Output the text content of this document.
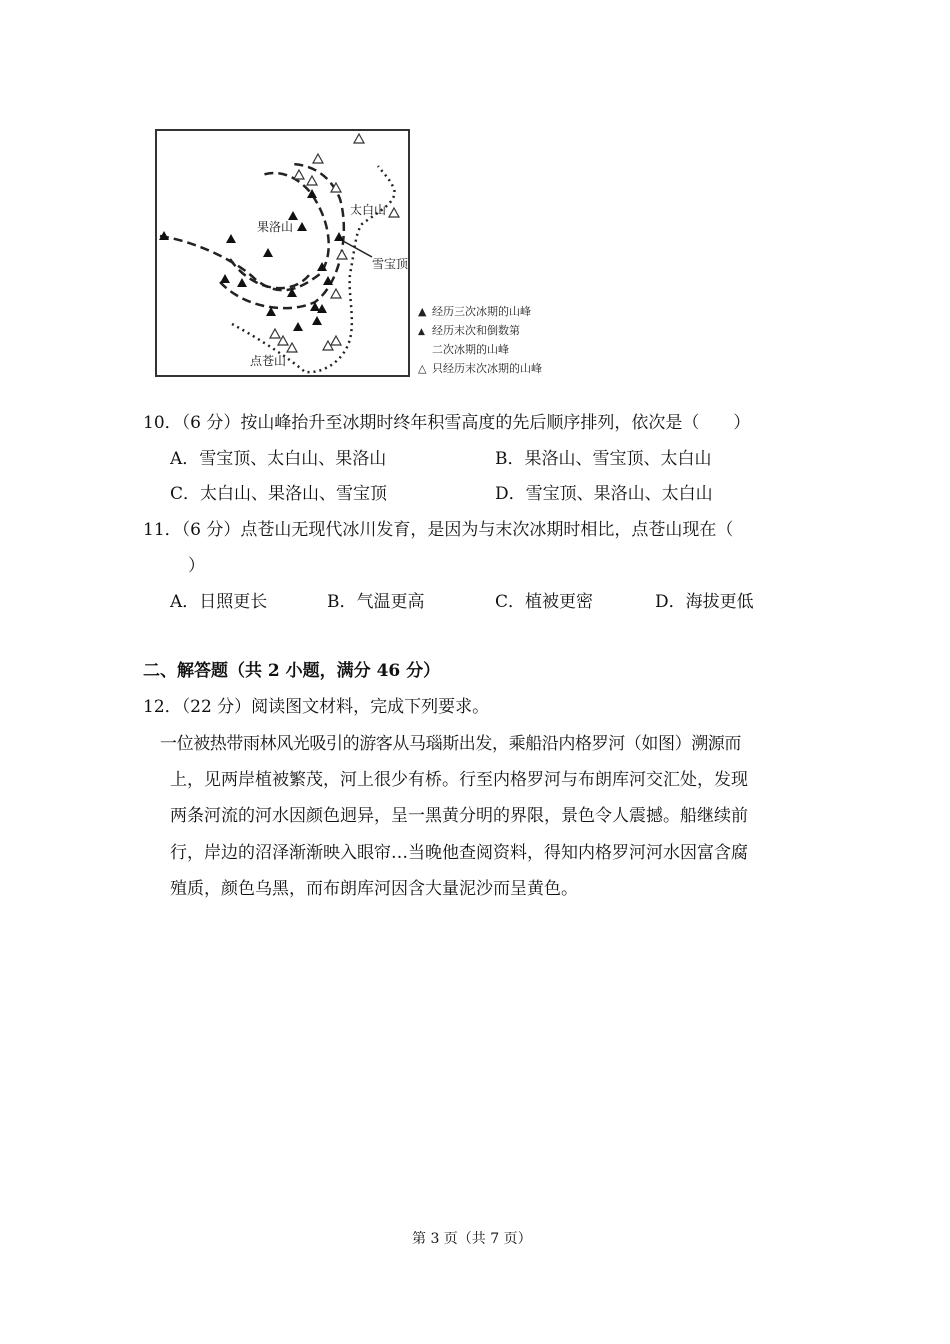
果洛山
太白山
雪宝顶
点苍山
▲ 经历三次冰期的山峰
▲ 经历末次和倒数第
二次冰期的山峰
△ 只经历末次冰期的山峰
10．（6 分）按山峰抬升至冰期时终年积雪高度的先后顺序排列，依次是（　　）
A．雪宝顶、太白山、果洛山	B．果洛山、雪宝顶、太白山
C．太白山、果洛山、雪宝顶	D．雪宝顶、果洛山、太白山
11．（6 分）点苍山无现代冰川发育，是因为与末次冰期时相比，点苍山现在（
）
A．日照更长	B．气温更高	C．植被更密	D．海拔更低
二、解答题（共 2 小题，满分 46 分）
12．（22 分）阅读图文材料，完成下列要求。
一位被热带雨林风光吸引的游客从马瑙斯出发，乘船沿内格罗河（如图）溯源而
上，见两岸植被繁茂，河上很少有桥。行至内格罗河与布朗库河交汇处，发现
两条河流的河水因颜色迥异，呈一黑黄分明的界限，景色令人震撼。船继续前
行，岸边的沼泽渐渐映入眼帘…当晚他查阅资料，得知内格罗河河水因富含腐
殖质，颜色乌黑，而布朗库河因含大量泥沙而呈黄色。
第 3 页（共 7 页）
